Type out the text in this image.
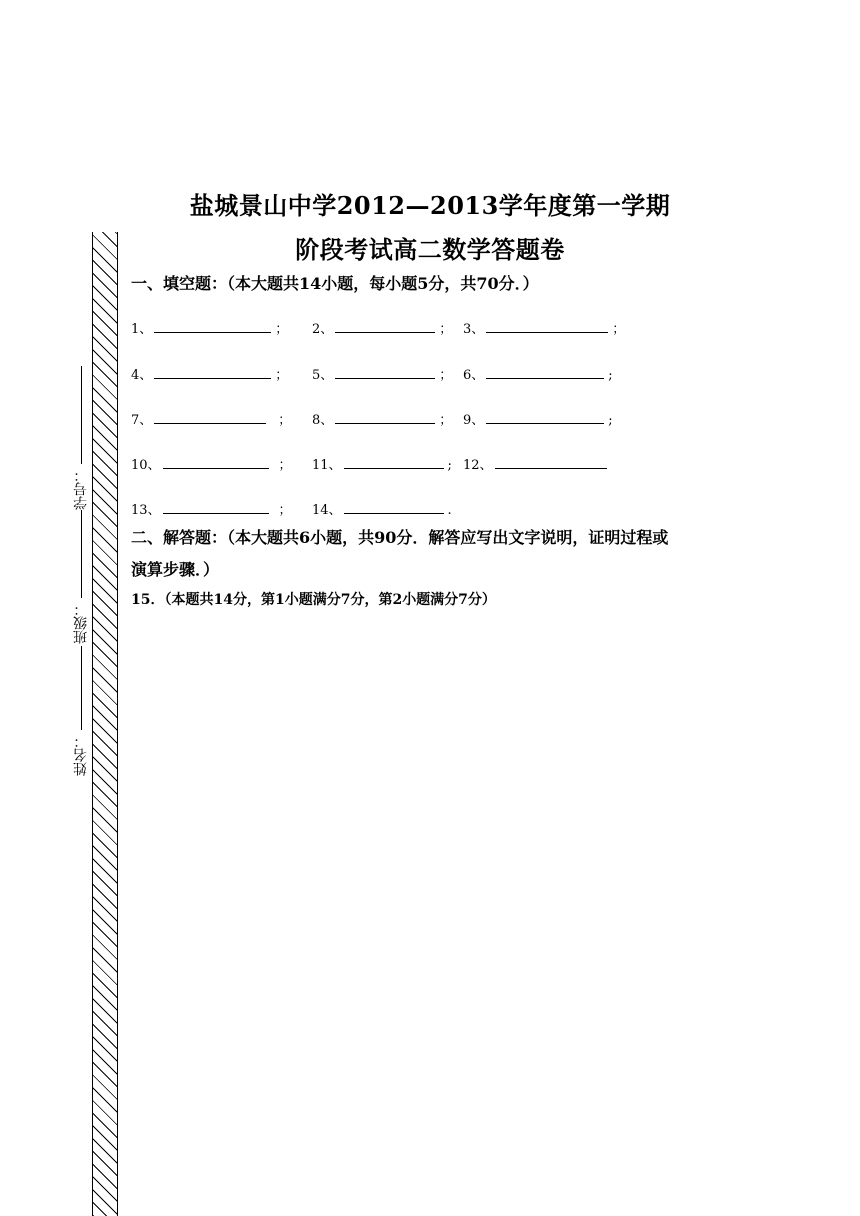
学号：
班级：
姓名：
盐城景山中学2012—2013学年度第一学期
阶段考试高二数学答题卷
一、填空题：（本大题共14小题，每小题5分，共70分．）
1、	； 2、	； 3、	；
4、	； 5、	； 6、	;
7、	； 8、	； 9、	;
10、	； 11、	; 12、
13、	； 14、	.
二、解答题：（本大题共6小题，共90分．解答应写出文字说明，证明过程或
演算步骤．）
15．（本题共14分，第1小题满分7分，第2小题满分7分）
